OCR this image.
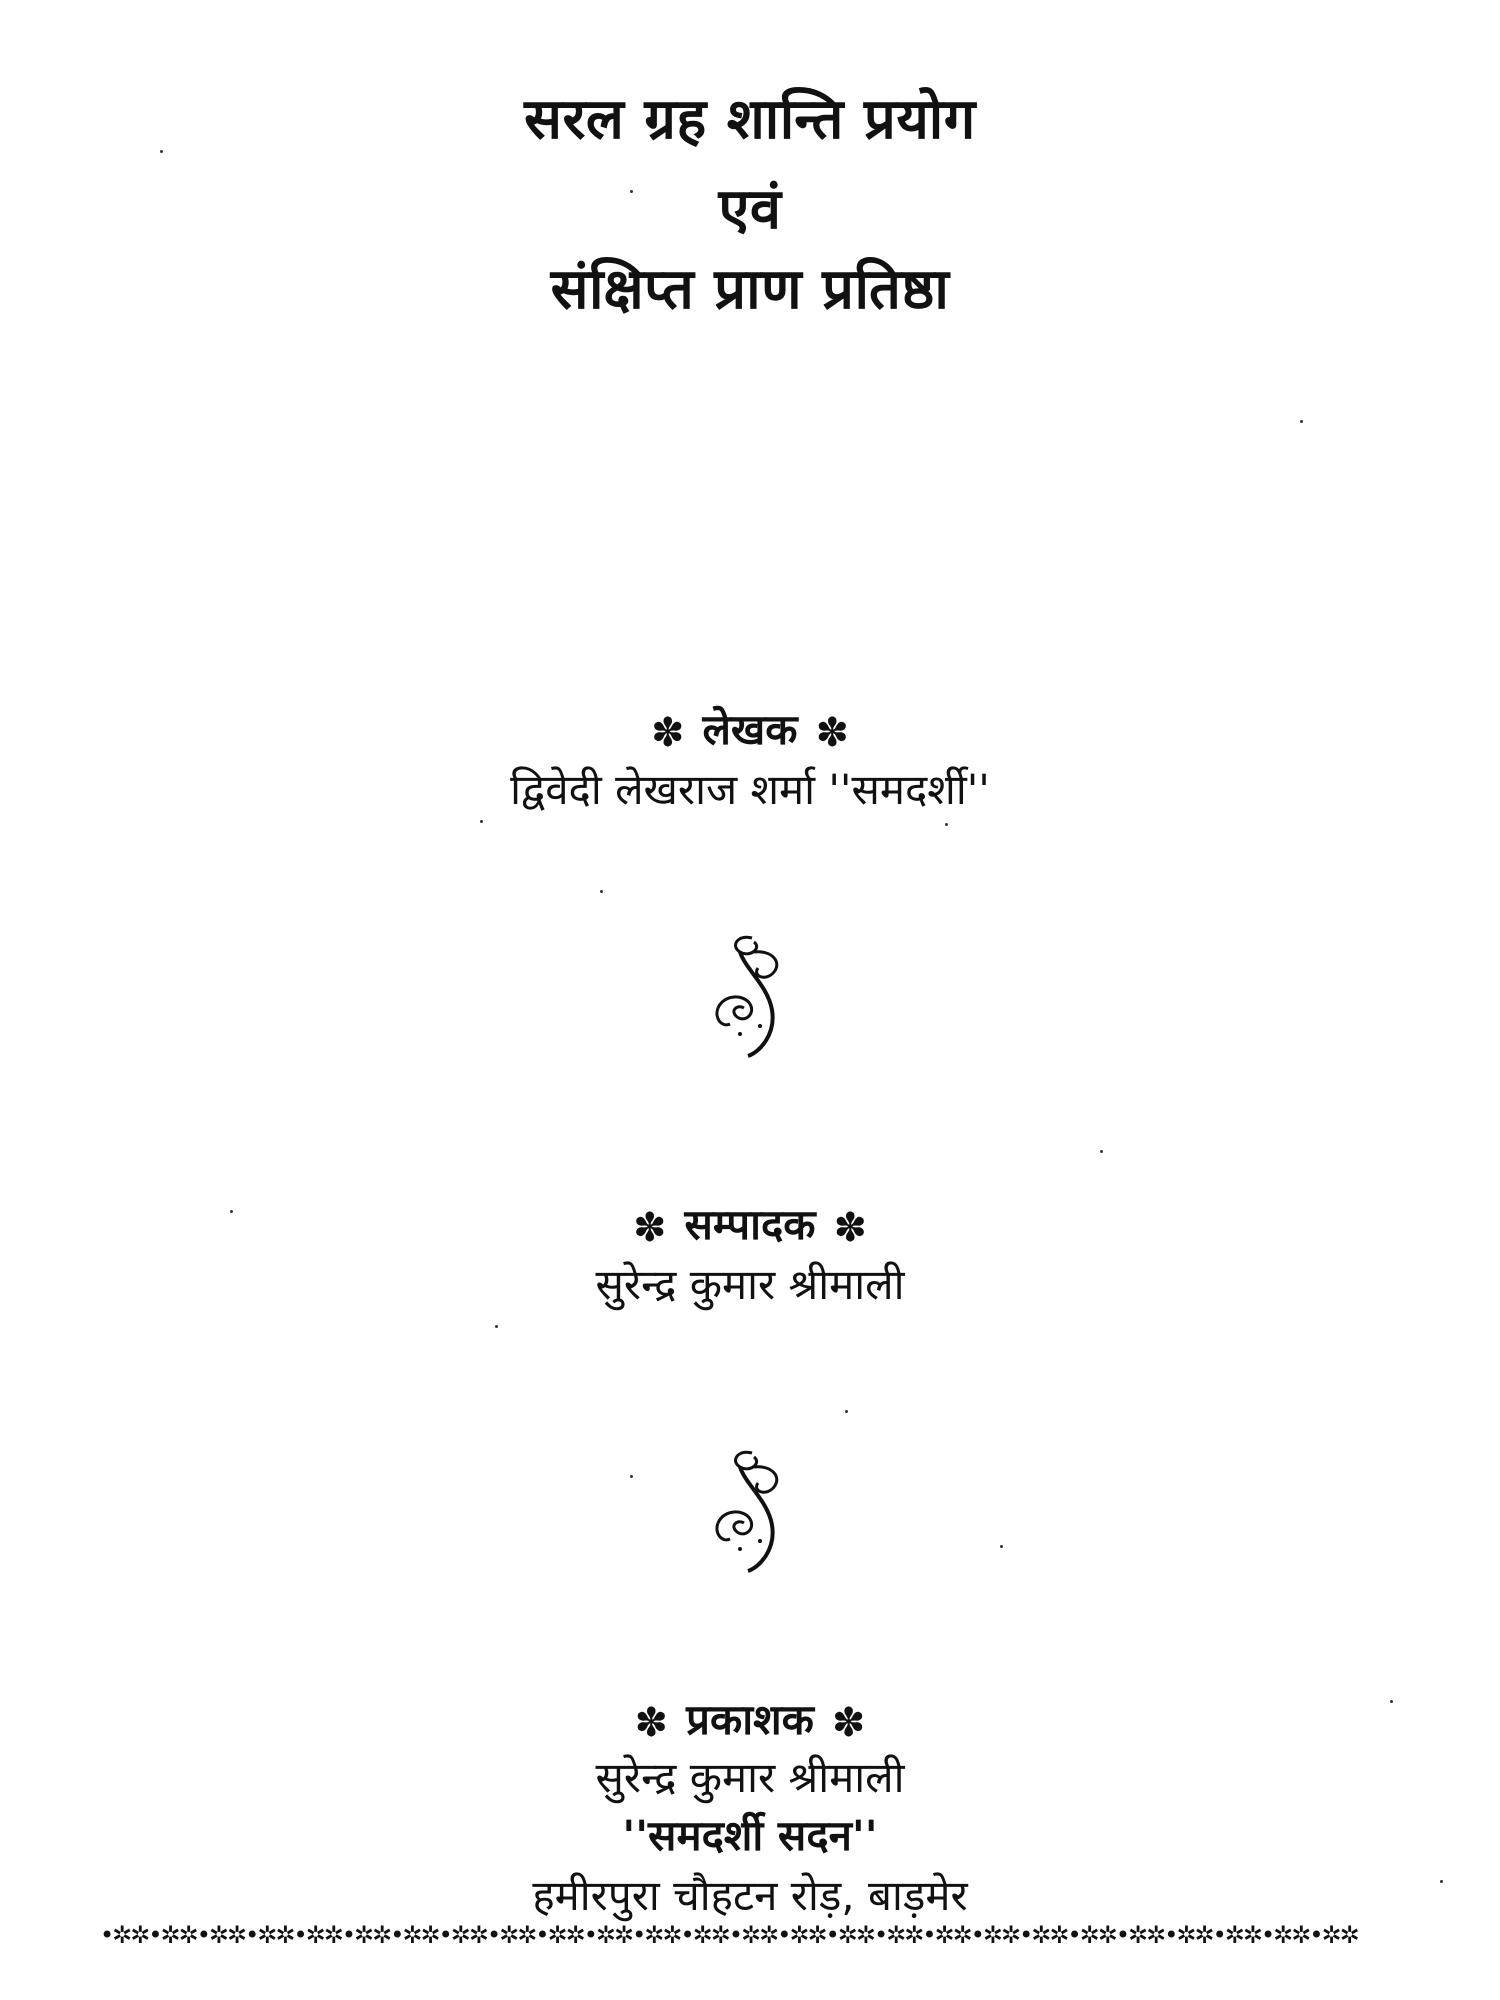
सरल ग्रह शान्ति प्रयोग
एवं
संक्षिप्त प्राण प्रतिष्ठा
✽ लेखक ✽
द्विवेदी लेखराज शर्मा ''समदर्शी''
✽ सम्पादक ✽
सुरेन्द्र कुमार श्रीमाली
✽ प्रकाशक ✽
सुरेन्द्र कुमार श्रीमाली
''समदर्शी सदन''
हमीरपुरा चौहटन रोड़, बाड़मेर
•✲✲ •✲✲ •✲✲ •✲✲ •✲✲ •✲✲ •✲✲ •✲✲ •✲✲ •✲✲ •✲✲ •✲✲ •✲✲ •✲✲ •✲✲ •✲✲ •✲✲ •✲✲ •✲✲ •✲✲ •✲✲ •✲✲ •✲✲ •✲✲ •✲✲ •✲✲
